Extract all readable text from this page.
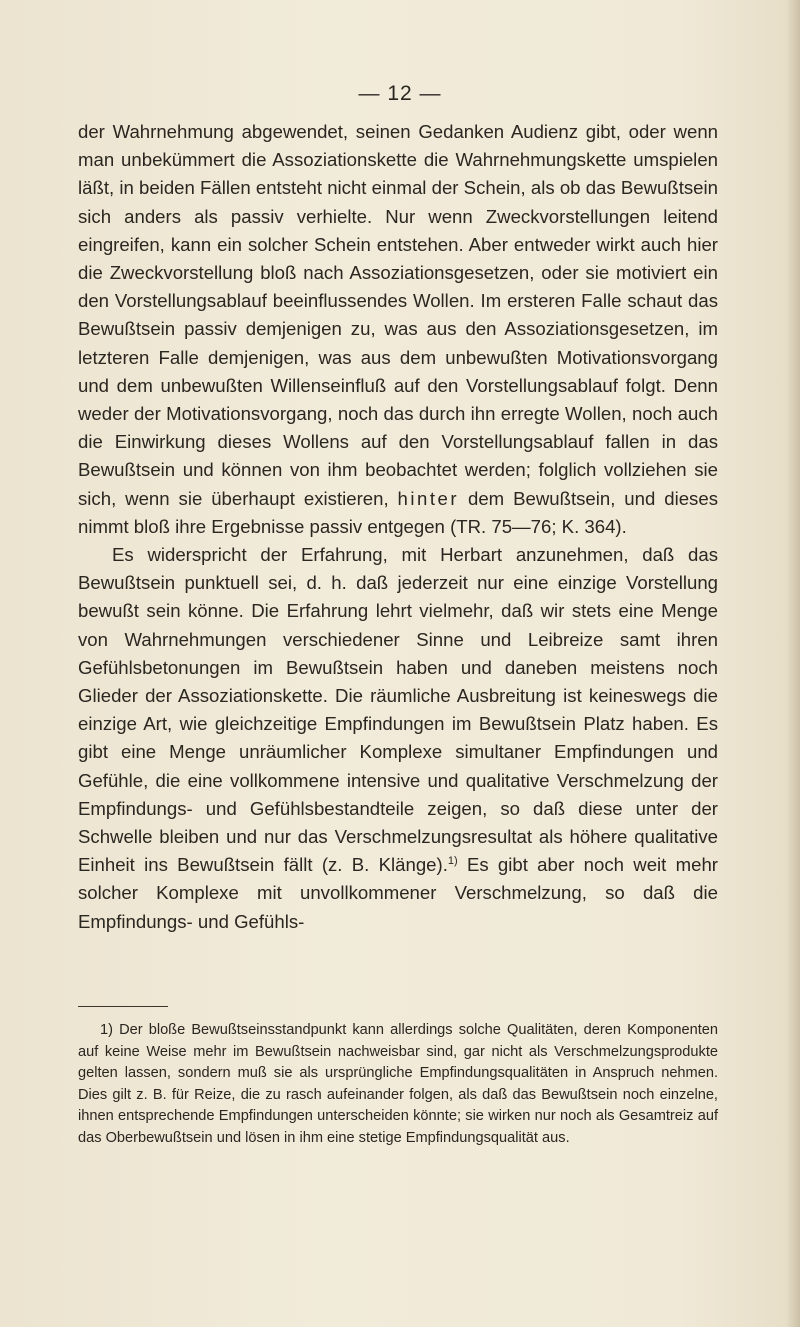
— 12 —

der Wahrnehmung abgewendet, seinen Gedanken Audienz gibt, oder wenn man unbekümmert die Assoziationskette die Wahrnehmungskette umspielen läßt, in beiden Fällen entsteht nicht einmal der Schein, als ob das Bewußtsein sich anders als passiv verhielte. Nur wenn Zweckvorstellungen leitend eingreifen, kann ein solcher Schein entstehen. Aber entweder wirkt auch hier die Zweckvorstellung bloß nach Assoziationsgesetzen, oder sie motiviert ein den Vorstellungsablauf beeinflussendes Wollen. Im ersteren Falle schaut das Bewußtsein passiv demjenigen zu, was aus den Assoziationsgesetzen, im letzteren Falle demjenigen, was aus dem unbewußten Motivationsvorgang und dem unbewußten Willenseinfluß auf den Vorstellungsablauf folgt. Denn weder der Motivationsvorgang, noch das durch ihn erregte Wollen, noch auch die Einwirkung dieses Wollens auf den Vorstellungsablauf fallen in das Bewußtsein und können von ihm beobachtet werden; folglich vollziehen sie sich, wenn sie überhaupt existieren, hinter dem Bewußtsein, und dieses nimmt bloß ihre Ergebnisse passiv entgegen (TR. 75—76; K. 364).

Es widerspricht der Erfahrung, mit Herbart anzunehmen, daß das Bewußtsein punktuell sei, d. h. daß jederzeit nur eine einzige Vorstellung bewußt sein könne. Die Erfahrung lehrt vielmehr, daß wir stets eine Menge von Wahrnehmungen verschiedener Sinne und Leibreize samt ihren Gefühlsbetonungen im Bewußtsein haben und daneben meistens noch Glieder der Assoziationskette. Die räumliche Ausbreitung ist keineswegs die einzige Art, wie gleichzeitige Empfindungen im Bewußtsein Platz haben. Es gibt eine Menge unräumlicher Komplexe simultaner Empfindungen und Gefühle, die eine vollkommene intensive und qualitative Verschmelzung der Empfindungs- und Gefühlsbestandteile zeigen, so daß diese unter der Schwelle bleiben und nur das Verschmelzungsresultat als höhere qualitative Einheit ins Bewußtsein fällt (z. B. Klänge).$^{1)}$ Es gibt aber noch weit mehr solcher Komplexe mit unvollkommener Verschmelzung, so daß die Empfindungs- und Gefühls-

1) Der bloße Bewußtseinsstandpunkt kann allerdings solche Qualitäten, deren Komponenten auf keine Weise mehr im Bewußtsein nachweisbar sind, gar nicht als Verschmelzungsprodukte gelten lassen, sondern muß sie als ursprüngliche Empfindungsqualitäten in Anspruch nehmen. Dies gilt z. B. für Reize, die zu rasch aufeinander folgen, als daß das Bewußtsein noch einzelne, ihnen entsprechende Empfindungen unterscheiden könnte; sie wirken nur noch als Gesamtreiz auf das Oberbewußtsein und lösen in ihm eine stetige Empfindungsqualität aus.
